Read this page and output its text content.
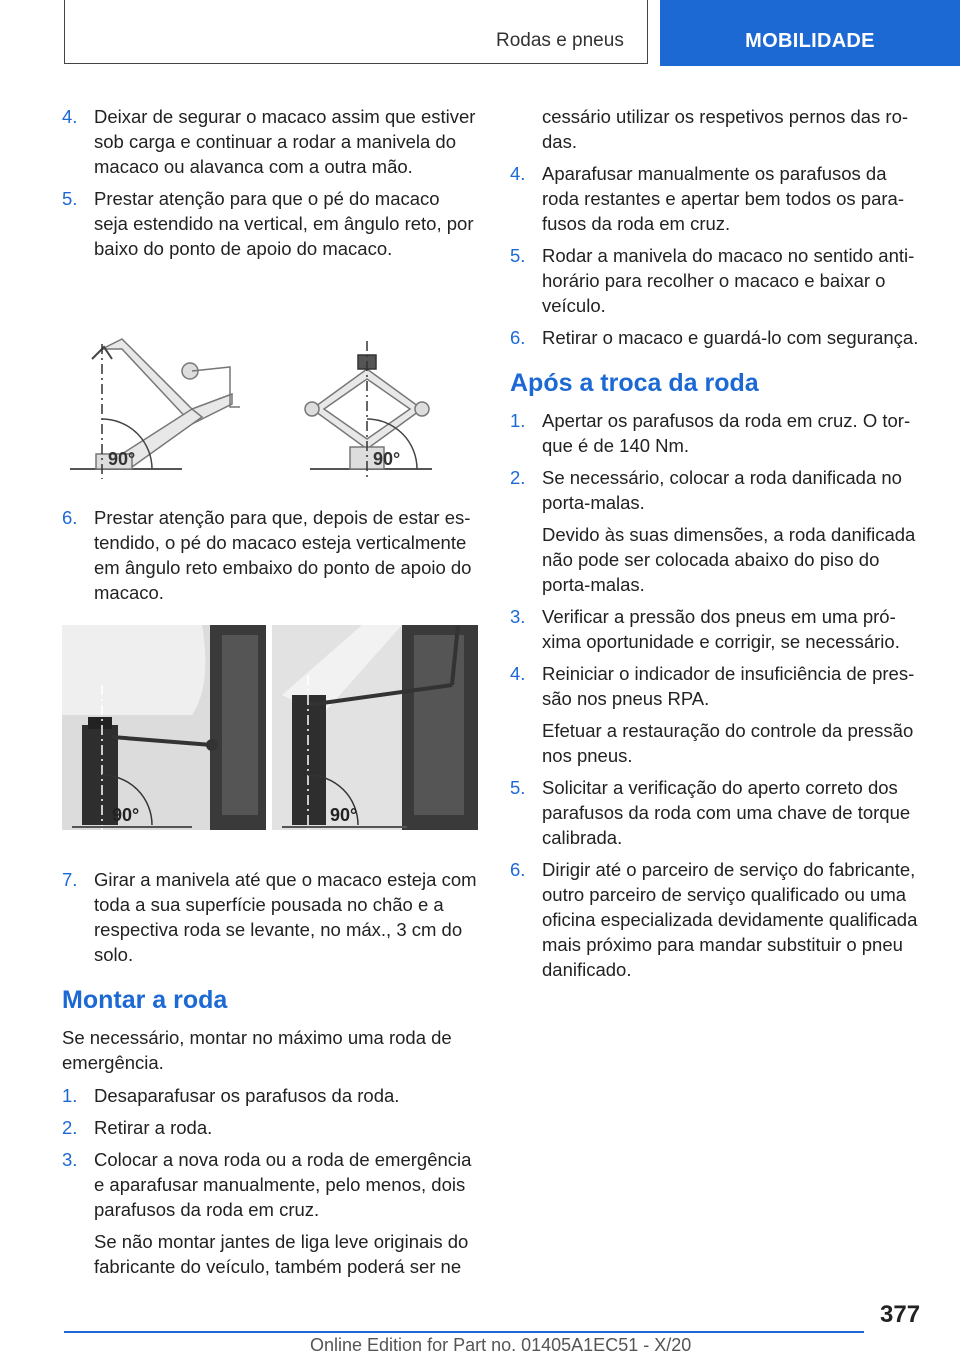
Rodas e pneus	MOBILIDADE
4. Deixar de segurar o macaco assim que estiver sob carga e continuar a rodar a manivela do macaco ou alavanca com a outra mão.
5. Prestar atenção para que o pé do macaco seja estendido na vertical, em ângulo reto, por baixo do ponto de apoio do macaco.
90°	90°
6. Prestar atenção para que, depois de estar estendido, o pé do macaco esteja verticalmente em ângulo reto embaixo do ponto de apoio do macaco.
90°	90°
7. Girar a manivela até que o macaco esteja com toda a sua superfície pousada no chão e a respectiva roda se levante, no máx., 3 cm do solo.
Montar a roda
Se necessário, montar no máximo uma roda de emergência.
1. Desaparafusar os parafusos da roda.
2. Retirar a roda.
3. Colocar a nova roda ou a roda de emergência e aparafusar manualmente, pelo menos, dois parafusos da roda em cruz.
Se não montar jantes de liga leve originais do fabricante do veículo, também poderá ser ne
cessário utilizar os respetivos pernos das rodas.
4. Aparafusar manualmente os parafusos da roda restantes e apertar bem todos os parafusos da roda em cruz.
5. Rodar a manivela do macaco no sentido anti-horário para recolher o macaco e baixar o veículo.
6. Retirar o macaco e guardá-lo com segurança.
Após a troca da roda
1. Apertar os parafusos da roda em cruz. O torque é de 140 Nm.
2. Se necessário, colocar a roda danificada no porta-malas.
Devido às suas dimensões, a roda danificada não pode ser colocada abaixo do piso do porta-malas.
3. Verificar a pressão dos pneus em uma próxima oportunidade e corrigir, se necessário.
4. Reiniciar o indicador de insuficiência de pressão nos pneus RPA.
Efetuar a restauração do controle da pressão nos pneus.
5. Solicitar a verificação do aperto correto dos parafusos da roda com uma chave de torque calibrada.
6. Dirigir até o parceiro de serviço do fabricante, outro parceiro de serviço qualificado ou uma oficina especializada devidamente qualificada mais próximo para mandar substituir o pneu danificado.
377
Online Edition for Part no. 01405A1EC51 - X/20
